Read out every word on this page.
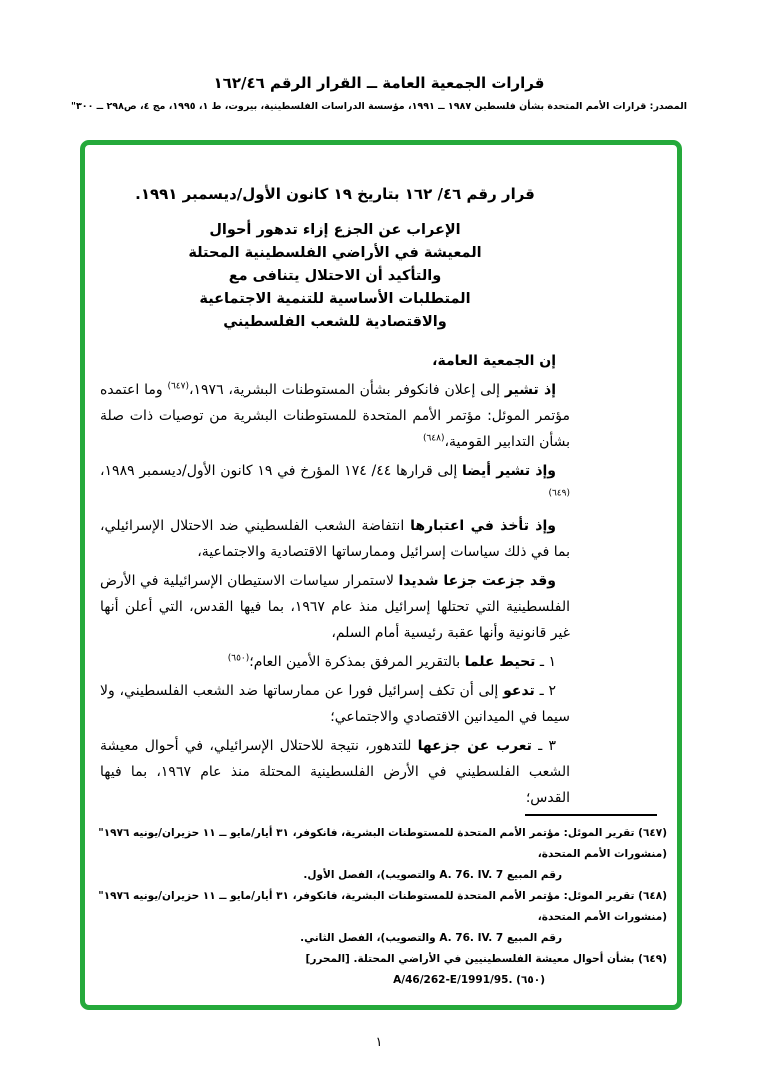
قرارات الجمعية العامة ــ القرار الرقم ١٦٢/٤٦
المصدر: قرارات الأمم المتحدة بشأن فلسطين ١٩٨٧ ــ ١٩٩١، مؤسسة الدراسات الفلسطينية، بيروت، ط ١، ١٩٩٥، مج ٤، ص٢٩٨ ــ ٣٠٠"
قرار رقم ٤٦/ ١٦٢ بتاريخ ١٩ كانون الأول/ديسمبر ١٩٩١.
الإعراب عن الجزع إزاء تدهور أحوال
المعيشة في الأراضي الفلسطينية المحتلة
والتأكيد أن الاحتلال يتنافى مع
المتطلبات الأساسية للتنمية الاجتماعية
والاقتصادية للشعب الفلسطيني
إن الجمعية العامة،

إذ تشير إلى إعلان فانكوفر بشأن المستوطنات البشرية، ١٩٧٦،$^{(٦٤٧)}$ وما اعتمده مؤتمر الموئل: مؤتمر الأمم المتحدة للمستوطنات البشرية من توصيات ذات صلة بشأن التدابير القومية،$^{(٦٤٨)}$

وإذ تشير أيضا إلى قرارها ٤٤/ ١٧٤ المؤرخ في ١٩ كانون الأول/ديسمبر ١٩٨٩،$^{(٦٤٩)}$

وإذ تأخذ في اعتبارها انتفاضة الشعب الفلسطيني ضد الاحتلال الإسرائيلي، بما في ذلك سياسات إسرائيل وممارساتها الاقتصادية والاجتماعية،

وقد جزعت جزعا شديدا لاستمرار سياسات الاستيطان الإسرائيلية في الأرض الفلسطينية التي تحتلها إسرائيل منذ عام ١٩٦٧، بما فيها القدس، التي أعلن أنها غير قانونية وأنها عقبة رئيسية أمام السلم،

١ ـ تحيط علما بالتقرير المرفق بمذكرة الأمين العام؛$^{(٦٥٠)}$

٢ ـ تدعو إلى أن تكف إسرائيل فورا عن ممارساتها ضد الشعب الفلسطيني، ولا سيما في الميدانين الاقتصادي والاجتماعي؛

٣ ـ تعرب عن جزعها للتدهور، نتيجة للاحتلال الإسرائيلي، في أحوال معيشة الشعب الفلسطيني في الأرض الفلسطينية المحتلة منذ عام ١٩٦٧، بما فيها القدس؛

(٦٤٧) تقرير الموئل: مؤتمر الأمم المتحدة للمستوطنات البشرية، فانكوفر، ٣١ أيار/مايو ــ ١١ حزيران/يونيه ١٩٧٦" (منشورات الأمم المتحدة،
رقم المبيع A. 76. IV. 7 والتصويب)، الفصل الأول.
(٦٤٨) تقرير الموئل: مؤتمر الأمم المتحدة للمستوطنات البشرية، فانكوفر، ٣١ أيار/مايو ــ ١١ حزيران/يونيه ١٩٧٦" (منشورات الأمم المتحدة،
رقم المبيع A. 76. IV. 7 والتصويب)، الفصل الثاني.
(٦٤٩) بشأن أحوال معيشة الفلسطينيين في الأراضي المحتلة. [المحرر]
(٦٥٠) A/46/262-E/1991/95.
١
